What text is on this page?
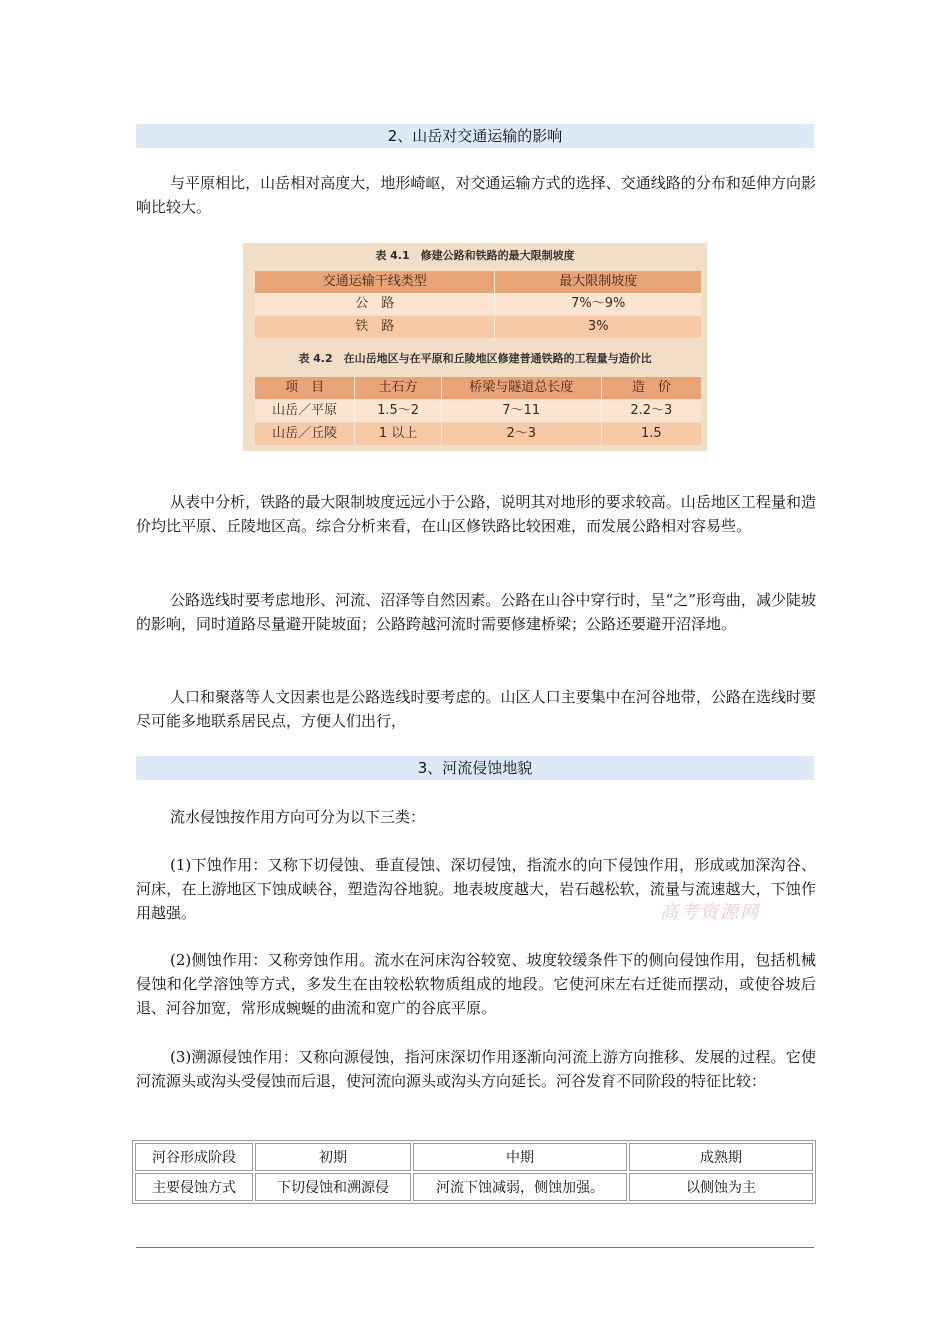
2、山岳对交通运输的影响

与平原相比，山岳相对高度大，地形崎岖，对交通运输方式的选择、交通线路的分布和延伸方向影响比较大。

表 4.1　修建公路和铁路的最大限制坡度
交通运输干线类型	最大限制坡度
公　路	7%～9%
铁　路	3%
表 4.2　在山岳地区与在平原和丘陵地区修建普通铁路的工程量与造价比
项　目	土石方	桥梁与隧道总长度	造　价
山岳／平原	1.5～2	7～11	2.2～3
山岳／丘陵	1 以上	2～3	1.5

从表中分析，铁路的最大限制坡度远远小于公路，说明其对地形的要求较高。山岳地区工程量和造价均比平原、丘陵地区高。综合分析来看，在山区修铁路比较困难，而发展公路相对容易些。

公路选线时要考虑地形、河流、沼泽等自然因素。公路在山谷中穿行时，呈“之”形弯曲，减少陡坡的影响，同时道路尽量避开陡坡面；公路跨越河流时需要修建桥梁；公路还要避开沼泽地。

人口和聚落等人文因素也是公路选线时要考虑的。山区人口主要集中在河谷地带，公路在选线时要尽可能多地联系居民点，方便人们出行，

3、河流侵蚀地貌

流水侵蚀按作用方向可分为以下三类：

(1)下蚀作用：又称下切侵蚀、垂直侵蚀、深切侵蚀，指流水的向下侵蚀作用，形成或加深沟谷、河床，在上游地区下蚀成峡谷，塑造沟谷地貌。地表坡度越大，岩石越松软，流量与流速越大，下蚀作用越强。

(2)侧蚀作用：又称旁蚀作用。流水在河床沟谷较宽、坡度较缓条件下的侧向侵蚀作用，包括机械侵蚀和化学溶蚀等方式，多发生在由较松软物质组成的地段。它使河床左右迁徙而摆动，或使谷坡后退、河谷加宽，常形成蜿蜒的曲流和宽广的谷底平原。

(3)溯源侵蚀作用：又称向源侵蚀，指河床深切作用逐渐向河流上游方向推移、发展的过程。它使河流源头或沟头受侵蚀而后退，使河流向源头或沟头方向延长。河谷发育不同阶段的特征比较：

高考资源网
河谷形成阶段	初期	中期	成熟期
主要侵蚀方式	下切侵蚀和溯源侵	河流下蚀减弱，侧蚀加强。	以侧蚀为主
